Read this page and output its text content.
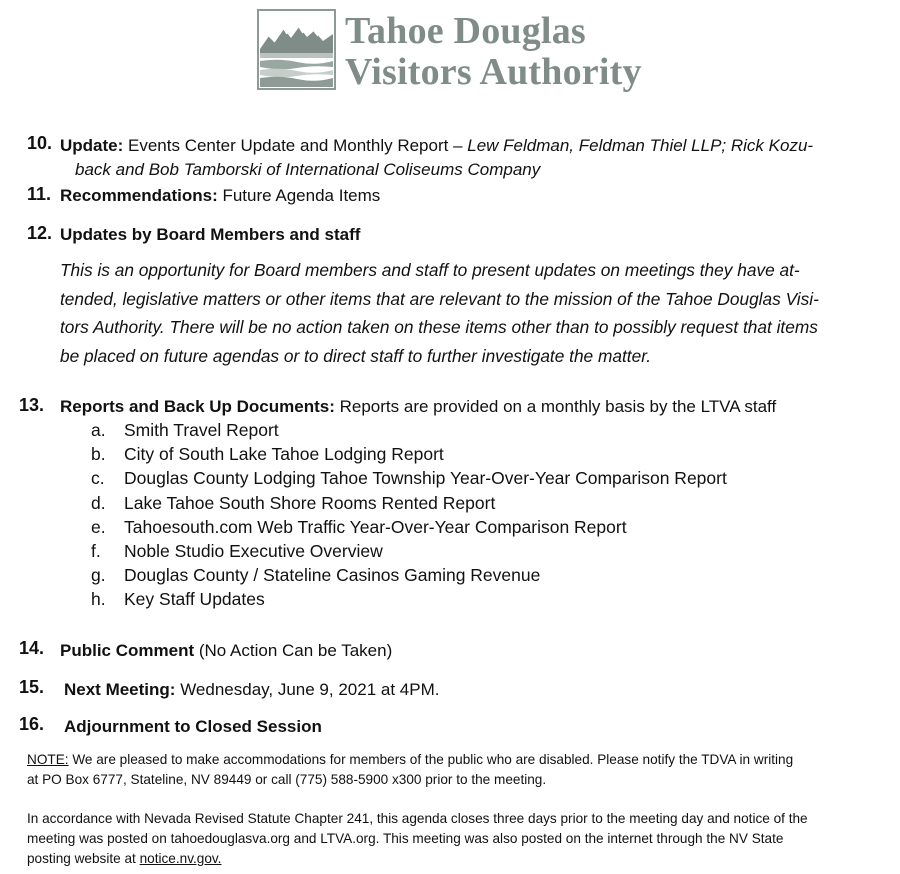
Tahoe Douglas
Visitors Authority
10. Update: Events Center Update and Monthly Report – Lew Feldman, Feldman Thiel LLP; Rick Kozu-
back and Bob Tamborski of International Coliseums Company
11. Recommendations: Future Agenda Items
12. Updates by Board Members and staff
This is an opportunity for Board members and staff to present updates on meetings they have at-
tended, legislative matters or other items that are relevant to the mission of the Tahoe Douglas Visi-
tors Authority. There will be no action taken on these items other than to possibly request that items
be placed on future agendas or to direct staff to further investigate the matter.
13. Reports and Back Up Documents: Reports are provided on a monthly basis by the LTVA staff
a.	Smith Travel Report
b.	City of South Lake Tahoe Lodging Report
c.	Douglas County Lodging Tahoe Township Year-Over-Year Comparison Report
d.	Lake Tahoe South Shore Rooms Rented Report
e.	Tahoesouth.com Web Traffic Year-Over-Year Comparison Report
f.	Noble Studio Executive Overview
g.	Douglas County / Stateline Casinos Gaming Revenue
h.	Key Staff Updates
14. Public Comment (No Action Can be Taken)
15. Next Meeting: Wednesday, June 9, 2021 at 4PM.
16. Adjournment to Closed Session
NOTE: We are pleased to make accommodations for members of the public who are disabled. Please notify the TDVA in writing
at PO Box 6777, Stateline, NV 89449 or call (775) 588-5900 x300 prior to the meeting.
In accordance with Nevada Revised Statute Chapter 241, this agenda closes three days prior to the meeting day and notice of the
meeting was posted on tahoedouglasva.org and LTVA.org. This meeting was also posted on the internet through the NV State
posting website at notice.nv.gov.
